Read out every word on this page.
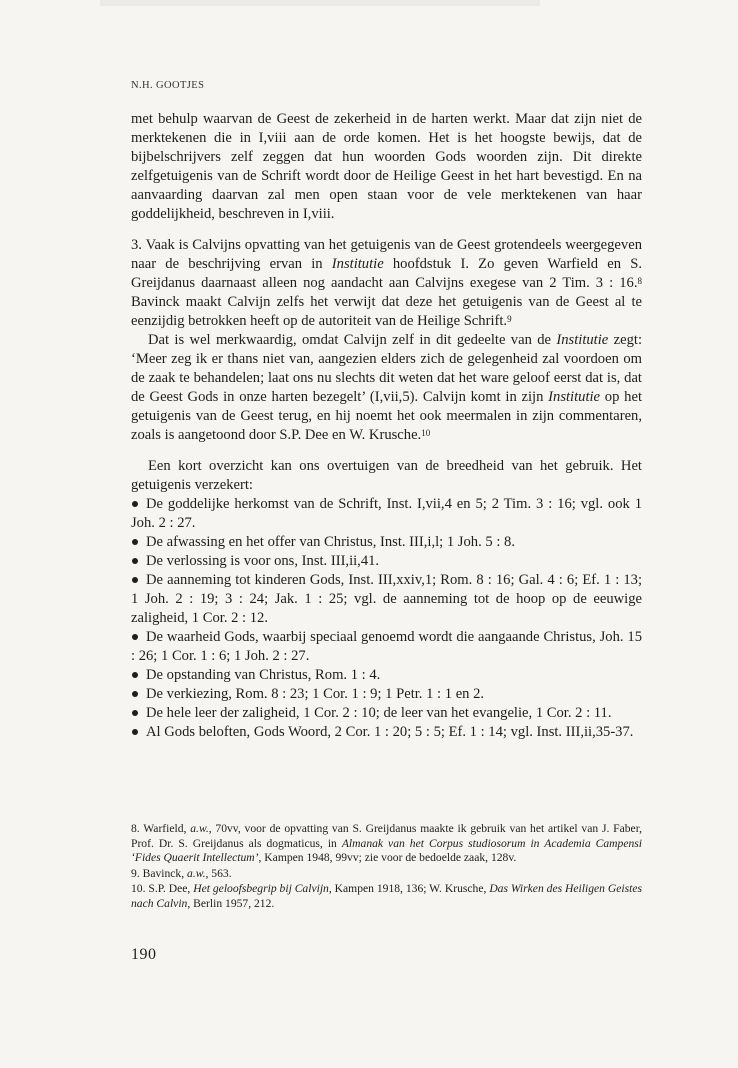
N.H. GOOTJES

met behulp waarvan de Geest de zekerheid in de harten werkt. Maar dat zijn niet de merktekenen die in I,viii aan de orde komen. Het is het hoogste bewijs, dat de bijbelschrijvers zelf zeggen dat hun woorden Gods woorden zijn. Dit direkte zelfgetuigenis van de Schrift wordt door de Heilige Geest in het hart bevestigd. En na aanvaarding daarvan zal men open staan voor de vele merktekenen van haar goddelijkheid, beschreven in I,viii.

3. Vaak is Calvijns opvatting van het getuigenis van de Geest grotendeels weergegeven naar de beschrijving ervan in Institutie hoofdstuk I. Zo geven Warfield en S. Greijdanus daarnaast alleen nog aandacht aan Calvijns exegese van 2 Tim. 3 : 16.$^8$ Bavinck maakt Calvijn zelfs het verwijt dat deze het getuigenis van de Geest al te eenzijdig betrokken heeft op de autoriteit van de Heilige Schrift.$^9$

Dat is wel merkwaardig, omdat Calvijn zelf in dit gedeelte van de Institutie zegt: ‘Meer zeg ik er thans niet van, aangezien elders zich de gelegenheid zal voordoen om de zaak te behandelen; laat ons nu slechts dit weten dat het ware geloof eerst dat is, dat de Geest Gods in onze harten bezegelt’ (I,vii,5). Calvijn komt in zijn Institutie op het getuigenis van de Geest terug, en hij noemt het ook meermalen in zijn commentaren, zoals is aangetoond door S.P. Dee en W. Krusche.$^{10}$

Een kort overzicht kan ons overtuigen van de breedheid van het gebruik. Het getuigenis verzekert:

De goddelijke herkomst van de Schrift, Inst. I,vii,4 en 5; 2 Tim. 3 : 16; vgl. ook 1 Joh. 2 : 27.
De afwassing en het offer van Christus, Inst. III,i,l; 1 Joh. 5 : 8.
De verlossing is voor ons, Inst. III,ii,41.
De aanneming tot kinderen Gods, Inst. III,xxiv,1; Rom. 8 : 16; Gal. 4 : 6; Ef. 1 : 13; 1 Joh. 2 : 19; 3 : 24; Jak. 1 : 25; vgl. de aanneming tot de hoop op de eeuwige zaligheid, 1 Cor. 2 : 12.
De waarheid Gods, waarbij speciaal genoemd wordt die aangaande Christus, Joh. 15 : 26; 1 Cor. 1 : 6; 1 Joh. 2 : 27.
De opstanding van Christus, Rom. 1 : 4.
De verkiezing, Rom. 8 : 23; 1 Cor. 1 : 9; 1 Petr. 1 : 1 en 2.
De hele leer der zaligheid, 1 Cor. 2 : 10; de leer van het evangelie, 1 Cor. 2 : 11.
Al Gods beloften, Gods Woord, 2 Cor. 1 : 20; 5 : 5; Ef. 1 : 14; vgl. Inst. III,ii,35-37.

8. Warfield, a.w., 70vv, voor de opvatting van S. Greijdanus maakte ik gebruik van het artikel van J. Faber, Prof. Dr. S. Greijdanus als dogmaticus, in Almanak van het Corpus studiosorum in Academia Campensi ‘Fides Quaerit Intellectum’, Kampen 1948, 99vv; zie voor de bedoelde zaak, 128v.

9. Bavinck, a.w., 563.

10. S.P. Dee, Het geloofsbegrip bij Calvijn, Kampen 1918, 136; W. Krusche, Das Wirken des Heiligen Geistes nach Calvin, Berlin 1957, 212.

190
